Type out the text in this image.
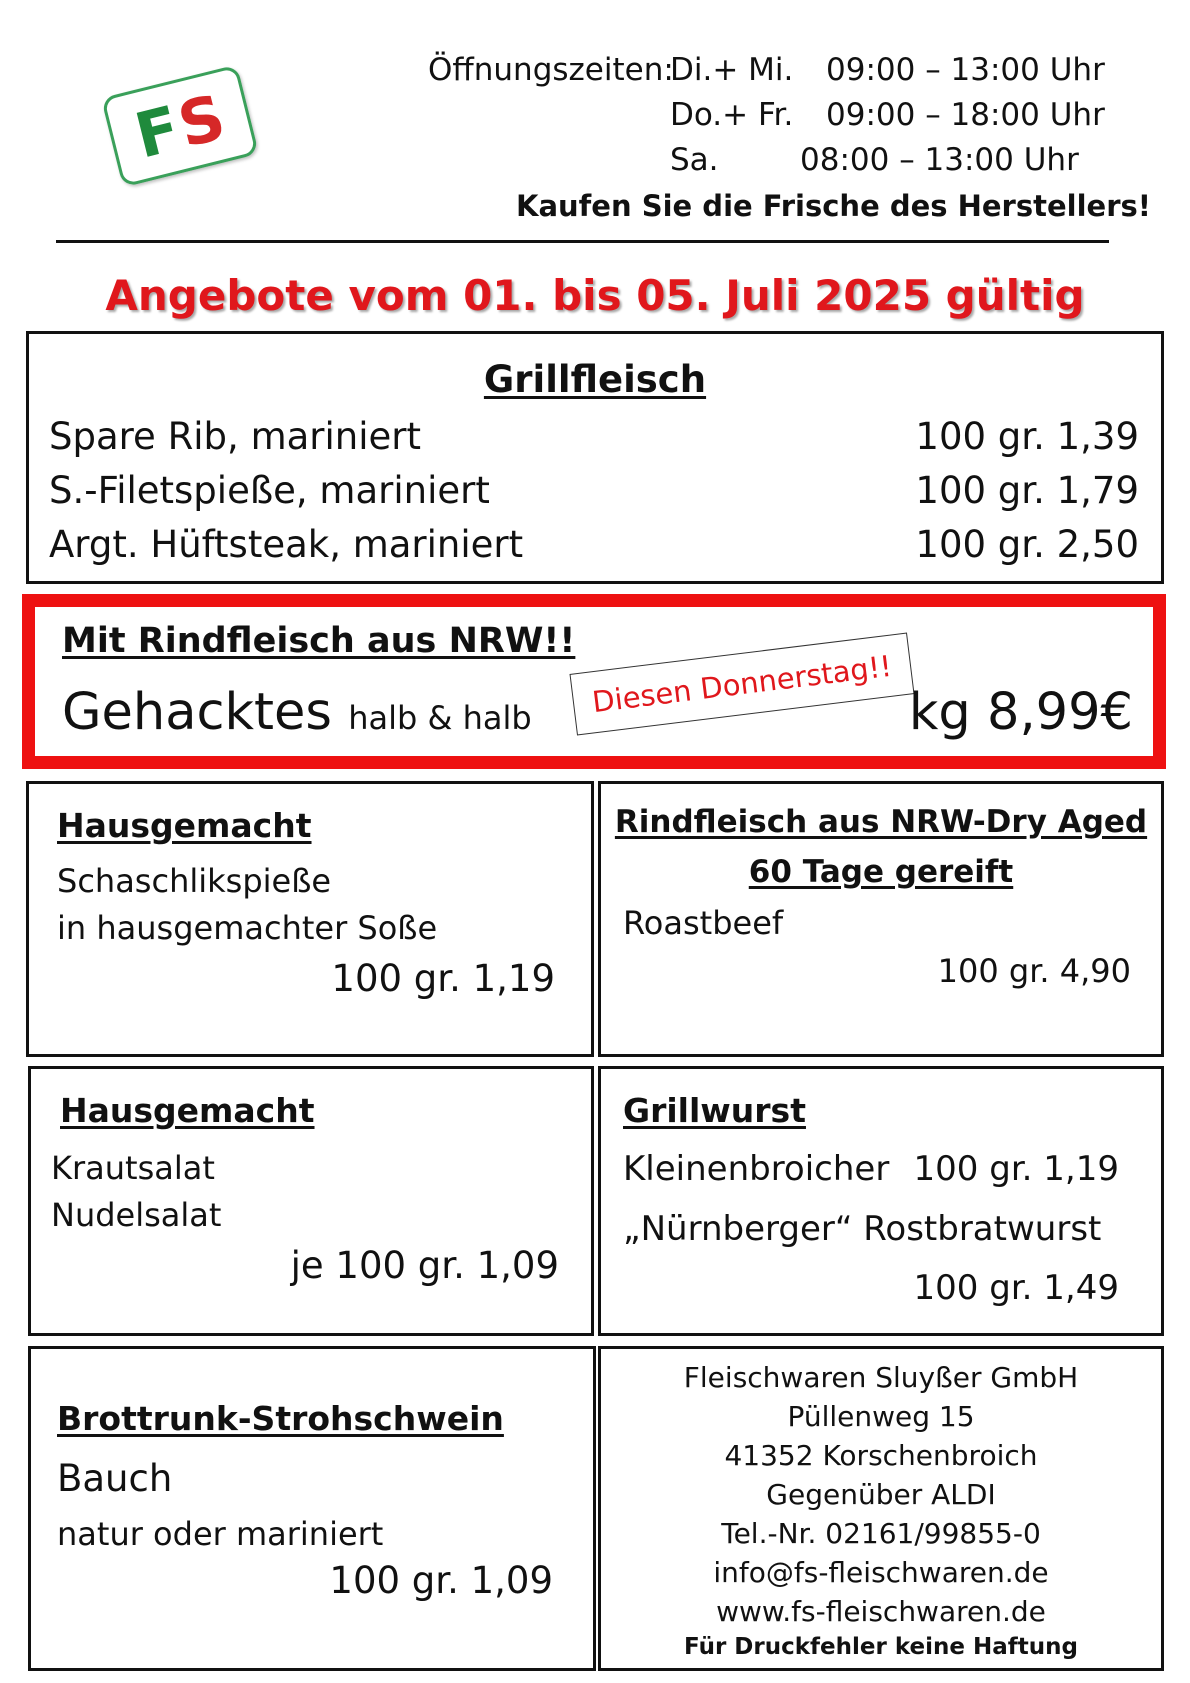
F
S
Öffnungszeiten:
Di.+ Mi. 09:00 – 13:00 Uhr
Do.+ Fr. 09:00 – 18:00 Uhr
Sa.	08:00 – 13:00 Uhr
Kaufen Sie die Frische des Herstellers!
Angebote vom 01. bis 05. Juli 2025 gültig
Grillfleisch
Spare Rib, mariniert	100 gr. 1,39
S.-Filetspieße, mariniert	100 gr. 1,79
Argt. Hüftsteak, mariniert	100 gr. 2,50
Mit Rindfleisch aus NRW!!
Gehacktes halb & halb	Diesen Donnerstag!! kg 8,99€
Hausgemacht
Schaschlikspieße
in hausgemachter Soße
100 gr. 1,19
Rindfleisch aus NRW-Dry Aged
60 Tage gereift
Roastbeef
100 gr. 4,90
Hausgemacht
Krautsalat
Nudelsalat
je 100 gr. 1,09
Grillwurst
Kleinenbroicher 100 gr. 1,19
„Nürnberger“ Rostbratwurst
100 gr. 1,49
Brottrunk-Strohschwein
Bauch
natur oder mariniert
100 gr. 1,09
Fleischwaren Sluyßer GmbH
Püllenweg 15
41352 Korschenbroich
Gegenüber ALDI
Tel.-Nr. 02161/99855-0
info@fs-fleischwaren.de
www.fs-fleischwaren.de
Für Druckfehler keine Haftung
